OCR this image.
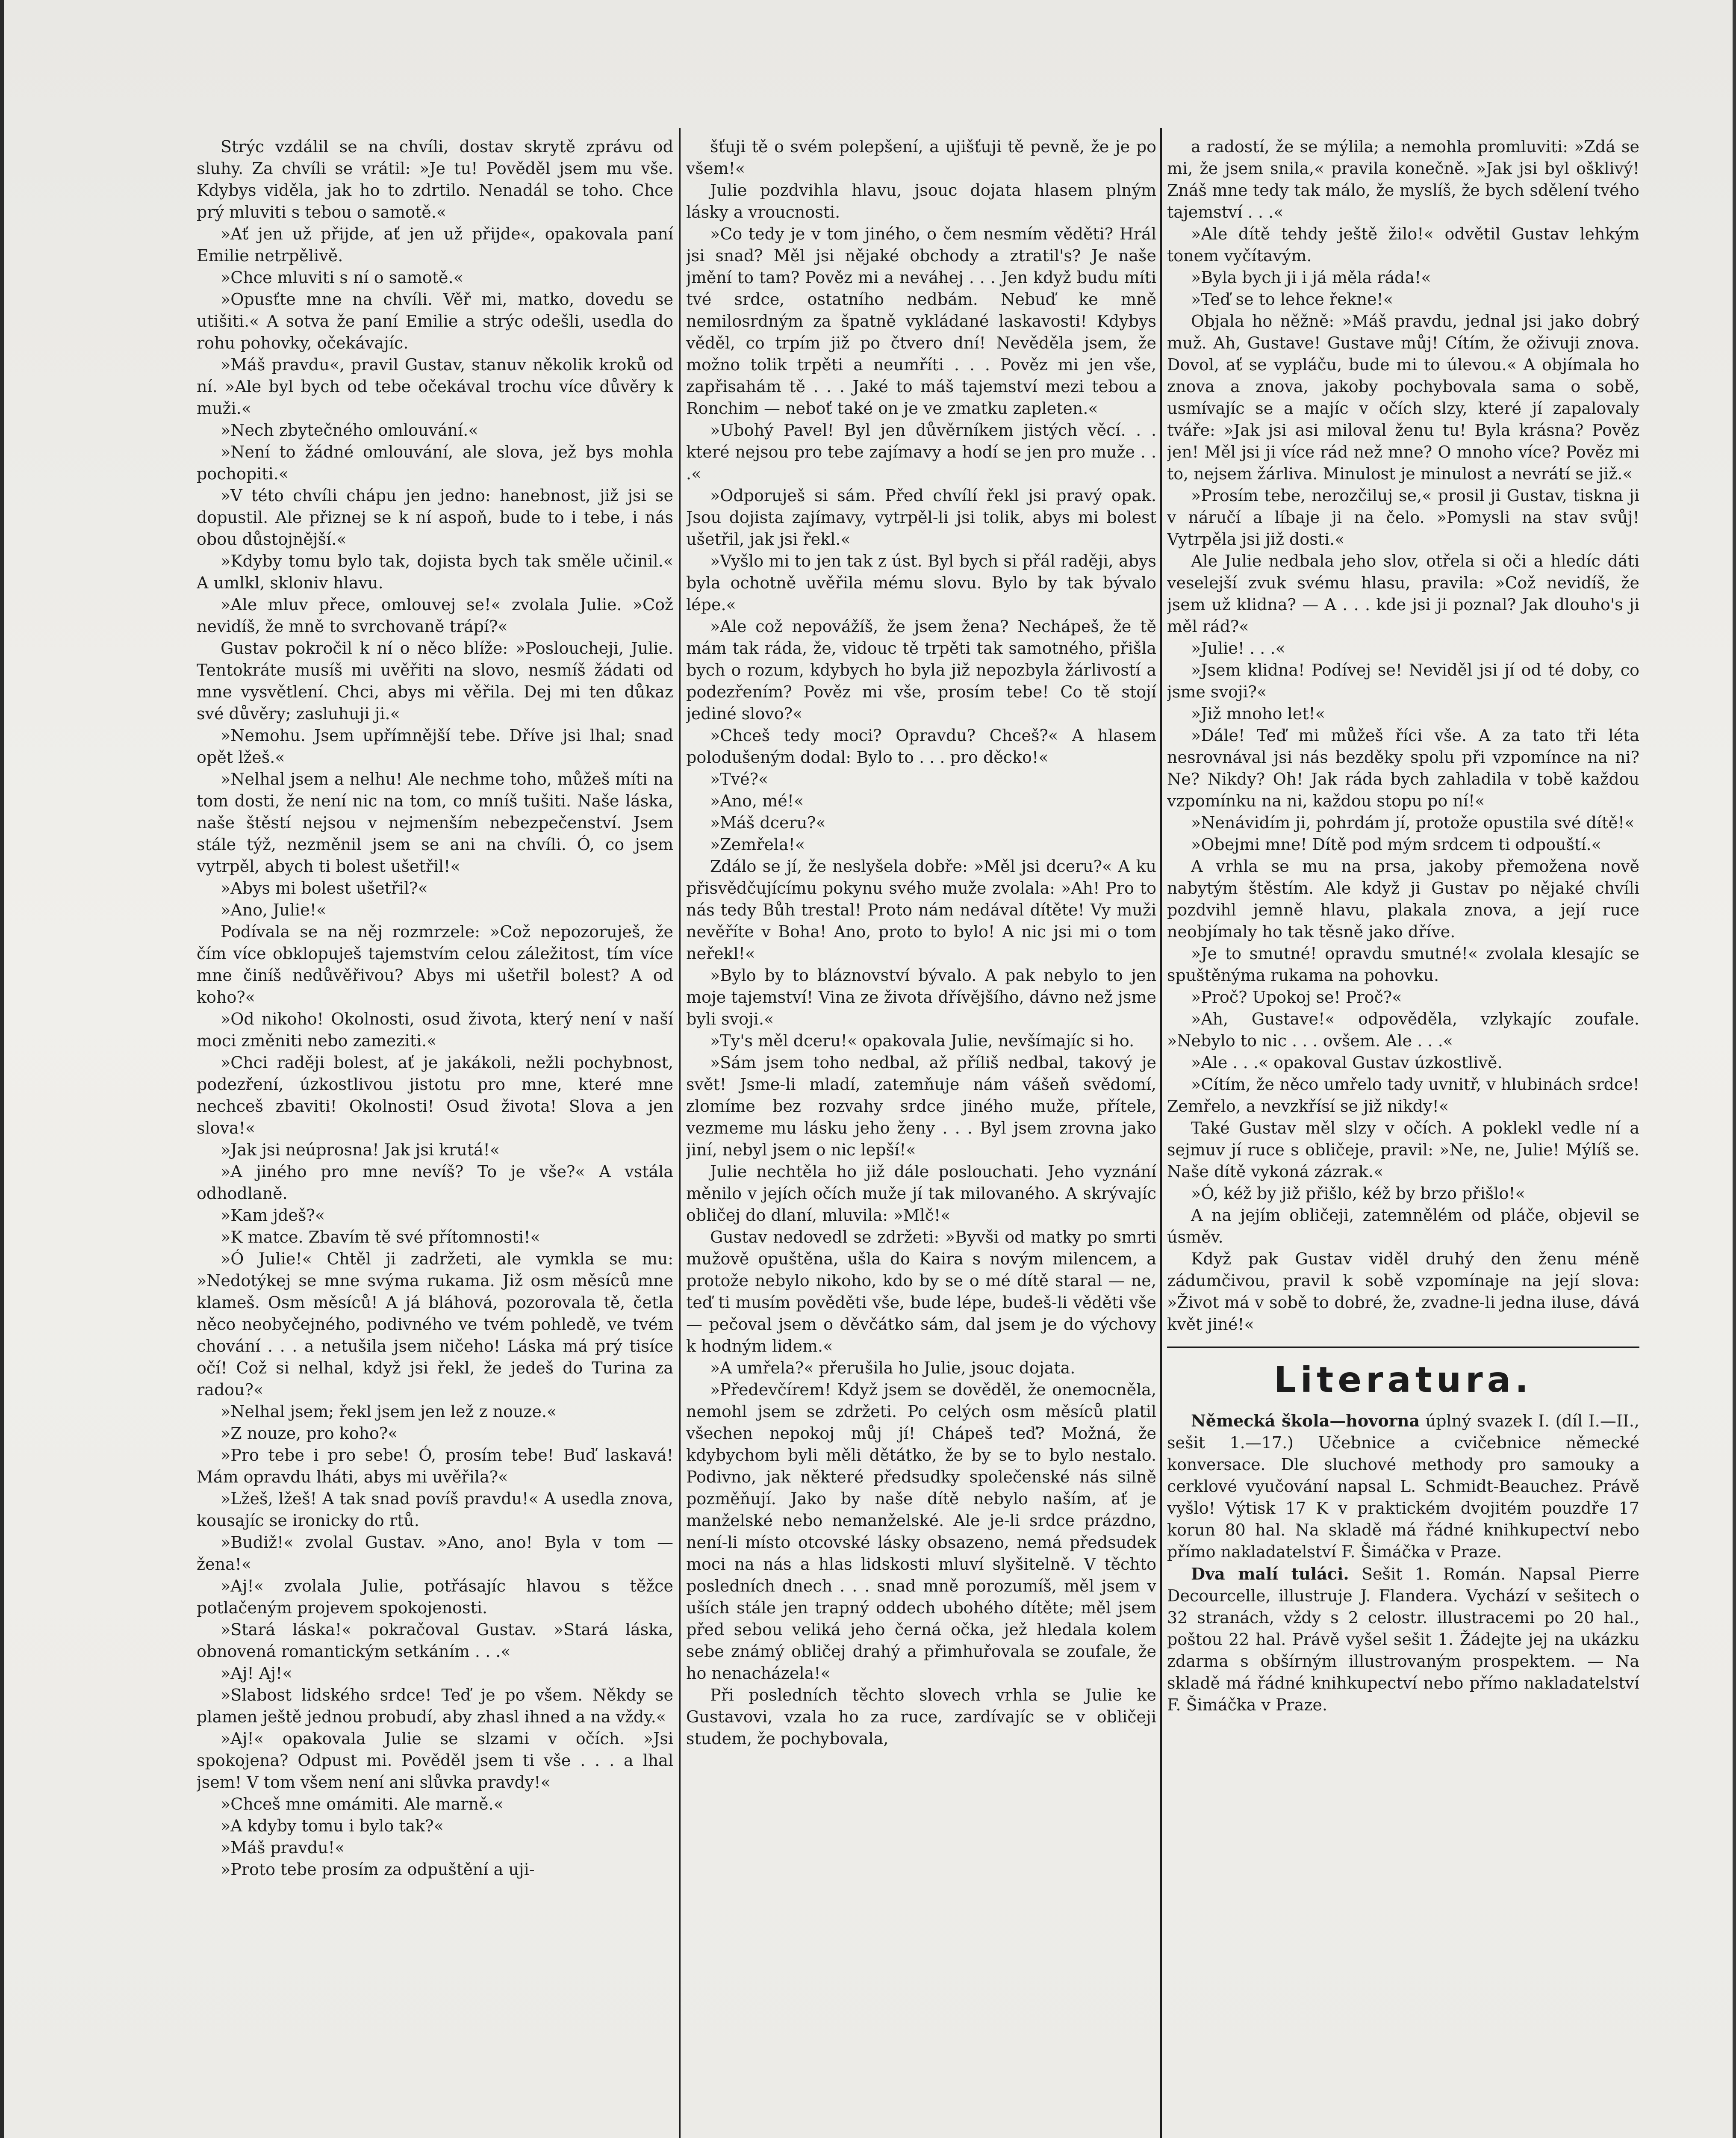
Strýc vzdálil se na chvíli, dostav skrytě zprávu od sluhy. Za chvíli se vrátil: »Je tu! Pověděl jsem mu vše. Kdybys viděla, jak ho to zdrtilo. Nenadál se toho. Chce prý mluviti s tebou o samotě.«

»Ať jen už přijde, ať jen už přijde«, opakovala paní Emilie netrpělivě.

»Chce mluviti s ní o samotě.«

»Opusťte mne na chvíli. Věř mi, matko, dovedu se utišiti.« A sotva že paní Emilie a strýc odešli, usedla do rohu pohovky, očekávajíc.

»Máš pravdu«, pravil Gustav, stanuv několik kroků od ní. »Ale byl bych od tebe očekával trochu více důvěry k muži.«

»Nech zbytečného omlouvání.«

»Není to žádné omlouvání, ale slova, jež bys mohla pochopiti.«

»V této chvíli chápu jen jedno: hanebnost, již jsi se dopustil. Ale přiznej se k ní aspoň, bude to i tebe, i nás obou důstojnější.«

»Kdyby tomu bylo tak, dojista bych tak směle učinil.« A umlkl, skloniv hlavu.

»Ale mluv přece, omlouvej se!« zvolala Julie. »Což nevidíš, že mně to svrchovaně trápí?«

Gustav pokročil k ní o něco blíže: »Posloucheji, Julie. Tentokráte musíš mi uvěřiti na slovo, nesmíš žádati od mne vysvětlení. Chci, abys mi věřila. Dej mi ten důkaz své důvěry; zasluhuji ji.«

»Nemohu. Jsem upřímnější tebe. Dříve jsi lhal; snad opět lžeš.«

»Nelhal jsem a nelhu! Ale nechme toho, můžeš míti na tom dosti, že není nic na tom, co mníš tušiti. Naše láska, naše štěstí nejsou v nejmenším nebezpečenství. Jsem stále týž, nezměnil jsem se ani na chvíli. Ó, co jsem vytrpěl, abych ti bolest ušetřil!«

»Abys mi bolest ušetřil?«

»Ano, Julie!«

Podívala se na něj rozmrzele: »Což nepozoruješ, že čím více obklopuješ tajemstvím celou záležitost, tím více mne činíš nedůvěřivou? Abys mi ušetřil bolest? A od koho?«

»Od nikoho! Okolnosti, osud života, který není v naší moci změniti nebo zameziti.«

»Chci raději bolest, ať je jakákoli, nežli pochybnost, podezření, úzkostlivou jistotu pro mne, které mne nechceš zbaviti! Okolnosti! Osud života! Slova a jen slova!«

»Jak jsi neúprosna! Jak jsi krutá!«

»A jiného pro mne nevíš? To je vše?« A vstála odhodlaně.

»Kam jdeš?«

»K matce. Zbavím tě své přítomnosti!«

»Ó Julie!« Chtěl ji zadržeti, ale vymkla se mu: »Nedotýkej se mne svýma rukama. Již osm měsíců mne klameš. Osm měsíců! A já bláhová, pozorovala tě, četla něco neobyčejného, podivného ve tvém pohledě, ve tvém chování . . . a netušila jsem ničeho! Láska má prý tisíce očí! Což si nelhal, když jsi řekl, že jedeš do Turina za radou?«

»Nelhal jsem; řekl jsem jen lež z nouze.«

»Z nouze, pro koho?«

»Pro tebe i pro sebe! Ó, prosím tebe! Buď laskavá! Mám opravdu lháti, abys mi uvěřila?«

»Lžeš, lžeš! A tak snad povíš pravdu!« A usedla znova, kousajíc se ironicky do rtů.

»Budiž!« zvolal Gustav. »Ano, ano! Byla v tom — žena!«

»Aj!« zvolala Julie, potřásajíc hlavou s těžce potlačeným projevem spokojenosti.

»Stará láska!« pokračoval Gustav. »Stará láska, obnovená romantickým setkáním . . .«

»Aj! Aj!«

»Slabost lidského srdce! Teď je po všem. Někdy se plamen ještě jednou probudí, aby zhasl ihned a na vždy.«

»Aj!« opakovala Julie se slzami v očích. »Jsi spokojena? Odpust mi. Pověděl jsem ti vše . . . a lhal jsem! V tom všem není ani slůvka pravdy!«

»Chceš mne omámiti. Ale marně.«

»A kdyby tomu i bylo tak?«

»Máš pravdu!«

»Proto tebe prosím za odpuštění a uji-

šťuji tě o svém polepšení, a ujišťuji tě pevně, že je po všem!«

Julie pozdvihla hlavu, jsouc dojata hlasem plným lásky a vroucnosti.

»Co tedy je v tom jiného, o čem nesmím věděti? Hrál jsi snad? Měl jsi nějaké obchody a ztratil's? Je naše jmění to tam? Pověz mi a neváhej . . . Jen když budu míti tvé srdce, ostatního nedbám. Nebuď ke mně nemilosrdným za špatně vykládané laskavosti! Kdybys věděl, co trpím již po čtvero dní! Nevěděla jsem, že možno tolik trpěti a neumříti . . . Pověz mi jen vše, zapřisahám tě . . . Jaké to máš tajemství mezi tebou a Ronchim — neboť také on je ve zmatku zapleten.«

»Ubohý Pavel! Byl jen důvěrníkem jistých věcí. . . které nejsou pro tebe zajímavy a hodí se jen pro muže . . .«

»Odporuješ si sám. Před chvílí řekl jsi pravý opak. Jsou dojista zajímavy, vytrpěl-li jsi tolik, abys mi bolest ušetřil, jak jsi řekl.«

»Vyšlo mi to jen tak z úst. Byl bych si přál raději, abys byla ochotně uvěřila mému slovu. Bylo by tak bývalo lépe.«

»Ale což nepovážíš, že jsem žena? Nechápeš, že tě mám tak ráda, že, vidouc tě trpěti tak samotného, přišla bych o rozum, kdybych ho byla již nepozbyla žárlivostí a podezřením? Pověz mi vše, prosím tebe! Co tě stojí jediné slovo?«

»Chceš tedy moci? Opravdu? Chceš?« A hlasem polodušeným dodal: Bylo to . . . pro děcko!«

»Tvé?«

»Ano, mé!«

»Máš dceru?«

»Zemřela!«

Zdálo se jí, že neslyšela dobře: »Měl jsi dceru?« A ku přisvědčujícímu pokynu svého muže zvolala: »Ah! Pro to nás tedy Bůh trestal! Proto nám nedával dítěte! Vy muži nevěříte v Boha! Ano, proto to bylo! A nic jsi mi o tom neřekl!«

»Bylo by to bláznovství bývalo. A pak nebylo to jen moje tajemství! Vina ze života dřívějšího, dávno než jsme byli svoji.«

»Ty's měl dceru!« opakovala Julie, nevšímajíc si ho.

»Sám jsem toho nedbal, až příliš nedbal, takový je svět! Jsme-li mladí, zatemňuje nám vášeň svědomí, zlomíme bez rozvahy srdce jiného muže, přítele, vezmeme mu lásku jeho ženy . . . Byl jsem zrovna jako jiní, nebyl jsem o nic lepší!«

Julie nechtěla ho již dále poslouchati. Jeho vyznání měnilo v jejích očích muže jí tak milovaného. A skrývajíc obličej do dlaní, mluvila: »Mlč!«

Gustav nedovedl se zdržeti: »Byvši od matky po smrti mužově opuštěna, ušla do Kaira s novým milencem, a protože nebylo nikoho, kdo by se o mé dítě staral — ne, teď ti musím pověděti vše, bude lépe, budeš-li věděti vše — pečoval jsem o děvčátko sám, dal jsem je do výchovy k hodným lidem.«

»A umřela?« přerušila ho Julie, jsouc dojata.

»Předevčírem! Když jsem se dověděl, že onemocněla, nemohl jsem se zdržeti. Po celých osm měsíců platil všechen nepokoj můj jí! Chápeš teď? Možná, že kdybychom byli měli dětátko, že by se to bylo nestalo. Podivno, jak některé předsudky společenské nás silně pozměňují. Jako by naše dítě nebylo naším, ať je manželské nebo nemanželské. Ale je-li srdce prázdno, není-li místo otcovské lásky obsazeno, nemá předsudek moci na nás a hlas lidskosti mluví slyšitelně. V těchto posledních dnech . . . snad mně porozumíš, měl jsem v uších stále jen trapný oddech ubohého dítěte; měl jsem před sebou veliká jeho černá očka, jež hledala kolem sebe známý obličej drahý a přimhuřovala se zoufale, že ho nenacházela!«

Při posledních těchto slovech vrhla se Julie ke Gustavovi, vzala ho za ruce, zardívajíc se v obličeji studem, že pochybovala,

a radostí, že se mýlila; a nemohla promluviti: »Zdá se mi, že jsem snila,« pravila konečně. »Jak jsi byl ošklivý! Znáš mne tedy tak málo, že myslíš, že bych sdělení tvého tajemství . . .«

»Ale dítě tehdy ještě žilo!« odvětil Gustav lehkým tonem vyčítavým.

»Byla bych ji i já měla ráda!«

»Teď se to lehce řekne!«

Objala ho něžně: »Máš pravdu, jednal jsi jako dobrý muž. Ah, Gustave! Gustave můj! Cítím, že oživuji znova. Dovol, ať se vypláču, bude mi to úlevou.« A objímala ho znova a znova, jakoby pochybovala sama o sobě, usmívajíc se a majíc v očích slzy, které jí zapalovaly tváře: »Jak jsi asi miloval ženu tu! Byla krásna? Pověz jen! Měl jsi ji více rád než mne? O mnoho více? Pověz mi to, nejsem žárliva. Minulost je minulost a nevrátí se již.«

»Prosím tebe, nerozčiluj se,« prosil ji Gustav, tiskna ji v náručí a líbaje ji na čelo. »Pomysli na stav svůj! Vytrpěla jsi již dosti.«

Ale Julie nedbala jeho slov, otřela si oči a hledíc dáti veselejší zvuk svému hlasu, pravila: »Což nevidíš, že jsem už klidna? — A . . . kde jsi ji poznal? Jak dlouho's ji měl rád?«

»Julie! . . .«

»Jsem klidna! Podívej se! Neviděl jsi jí od té doby, co jsme svoji?«

»Již mnoho let!«

»Dále! Teď mi můžeš říci vše. A za tato tři léta nesrovnával jsi nás bezděky spolu při vzpomínce na ni? Ne? Nikdy? Oh! Jak ráda bych zahladila v tobě každou vzpomínku na ni, každou stopu po ní!«

»Nenávidím ji, pohrdám jí, protože opustila své dítě!«

»Obejmi mne! Dítě pod mým srdcem ti odpouští.«

A vrhla se mu na prsa, jakoby přemožena nově nabytým štěstím. Ale když ji Gustav po nějaké chvíli pozdvihl jemně hlavu, plakala znova, a její ruce neobjímaly ho tak těsně jako dříve.

»Je to smutné! opravdu smutné!« zvolala klesajíc se spuštěnýma rukama na pohovku.

»Proč? Upokoj se! Proč?«

»Ah, Gustave!« odpověděla, vzlykajíc zoufale. »Nebylo to nic . . . ovšem. Ale . . .«

»Ale . . .« opakoval Gustav úzkostlivě.

»Cítím, že něco umřelo tady uvnitř, v hlubinách srdce! Zemřelo, a nevzkřísí se již nikdy!«

Také Gustav měl slzy v očích. A poklekl vedle ní a sejmuv jí ruce s obličeje, pravil: »Ne, ne, Julie! Mýlíš se. Naše dítě vykoná zázrak.«

»Ó, kéž by již přišlo, kéž by brzo přišlo!«

A na jejím obličeji, zatemnělém od pláče, objevil se úsměv.

Když pak Gustav viděl druhý den ženu méně zádumčivou, pravil k sobě vzpomínaje na její slova: »Život má v sobě to dobré, že, zvadne-li jedna iluse, dává květ jiné!«

Literatura.

Německá škola—hovorna úplný svazek I. (díl I.—II., sešit 1.—17.) Učebnice a cvičebnice německé konversace. Dle sluchové methody pro samouky a cerklové vyučování napsal L. Schmidt-Beauchez. Právě vyšlo! Výtisk 17 K v praktickém dvojitém pouzdře 17 korun 80 hal. Na skladě má řádné knihkupectví nebo přímo nakladatelství F. Šimáčka v Praze.

Dva malí tuláci. Sešit 1. Román. Napsal Pierre Decourcelle, illustruje J. Flandera. Vychází v sešitech o 32 stranách, vždy s 2 celostr. illustracemi po 20 hal., poštou 22 hal. Právě vyšel sešit 1. Žádejte jej na ukázku zdarma s obšírným illustrovaným prospektem. — Na skladě má řádné knihkupectví nebo přímo nakladatelství F. Šimáčka v Praze.
